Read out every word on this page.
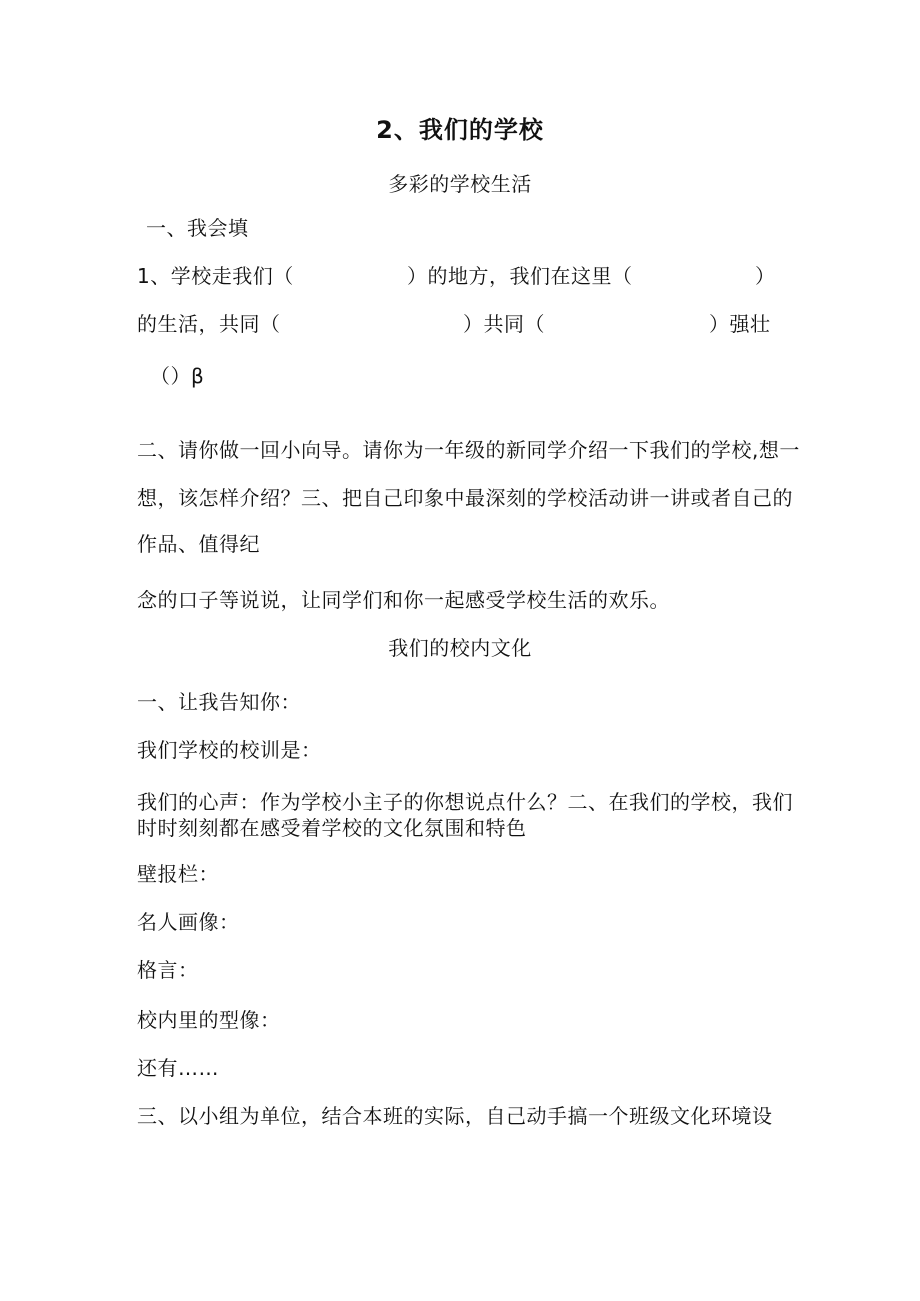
2、我们的学校
多彩的学校生活
一、我会填
1、学校走我们（	）的地方，我们在这里（	）
的生活，共同（	）共同（	）强壮
（）β
二、请你做一回小向导。请你为一年级的新同学介绍一下我们的学校,想一
想，该怎样介绍？三、把自己印象中最深刻的学校活动讲一讲或者自己的
作品、值得纪
念的口子等说说，让同学们和你一起感受学校生活的欢乐。
我们的校内文化
一、让我告知你：
我们学校的校训是：
我们的心声：作为学校小主子的你想说点什么？二、在我们的学校，我们
时时刻刻都在感受着学校的文化氛围和特色
壁报栏：
名人画像：
格言：
校内里的型像：
还有……
三、以小组为单位，结合本班的实际，自己动手搞一个班级文化环境设
